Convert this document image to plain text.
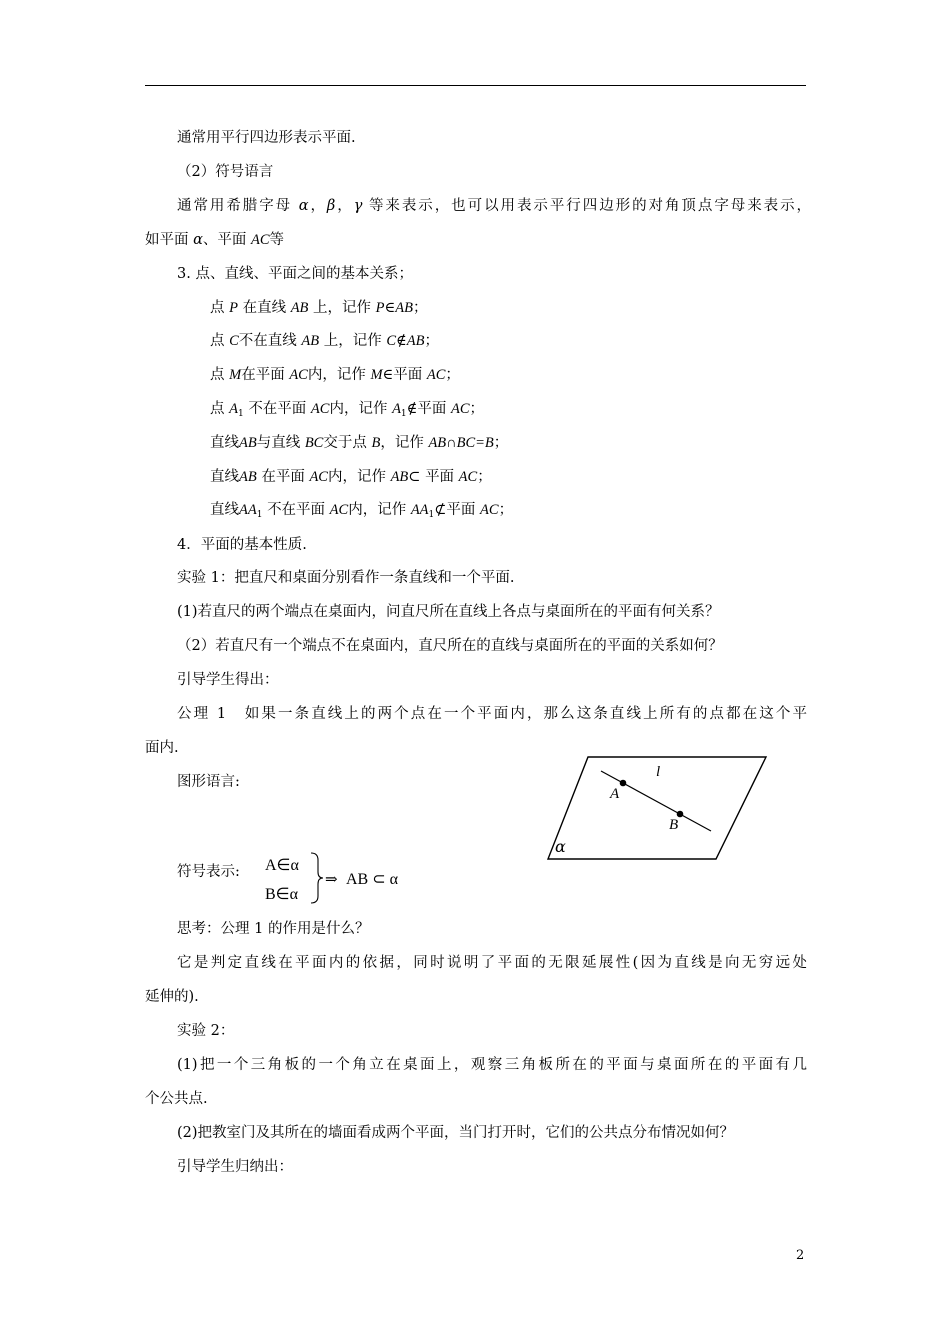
通常用平行四边形表示平面.
（2）符号语言
通常用希腊字母 α，β，γ 等来表示，也可以用表示平行四边形的对角顶点字母来表示，
如平面 α、平面 AC等
3. 点、直线、平面之间的基本关系；
点 P 在直线 AB 上，记作 P∈AB；
点 C不在直线 AB 上，记作 C∉AB；
点 M在平面 AC内，记作 M∈平面 AC；
点 $A_1$ 不在平面 AC内，记作 $A_1\notin$平面 AC；
直线AB与直线 BC交于点 B，记作 AB∩BC=B；
直线AB 在平面 AC内，记作 AB⊂ 平面 AC；
直线$AA_1$ 不在平面 AC内，记作 $AA_1⊄$平面 AC；
4．平面的基本性质.
实验 1：把直尺和桌面分别看作一条直线和一个平面.
(1)若直尺的两个端点在桌面内，问直尺所在直线上各点与桌面所在的平面有何关系？
（2）若直尺有一个端点不在桌面内，直尺所在的直线与桌面所在的平面的关系如何？
引导学生得出：
公理 1　如果一条直线上的两个点在一个平面内，那么这条直线上所有的点都在这个平
面内.
图形语言:
l
A
B
α
符号表示: A∈α
B∈α
⇒ AB ⊂ α
思考：公理 1 的作用是什么？
它是判定直线在平面内的依据，同时说明了平面的无限延展性(因为直线是向无穷远处
延伸的).
实验 2：
(1)把一个三角板的一个角立在桌面上，观察三角板所在的平面与桌面所在的平面有几
个公共点.
(2)把教室门及其所在的墙面看成两个平面，当门打开时，它们的公共点分布情况如何？
引导学生归纳出：
2
